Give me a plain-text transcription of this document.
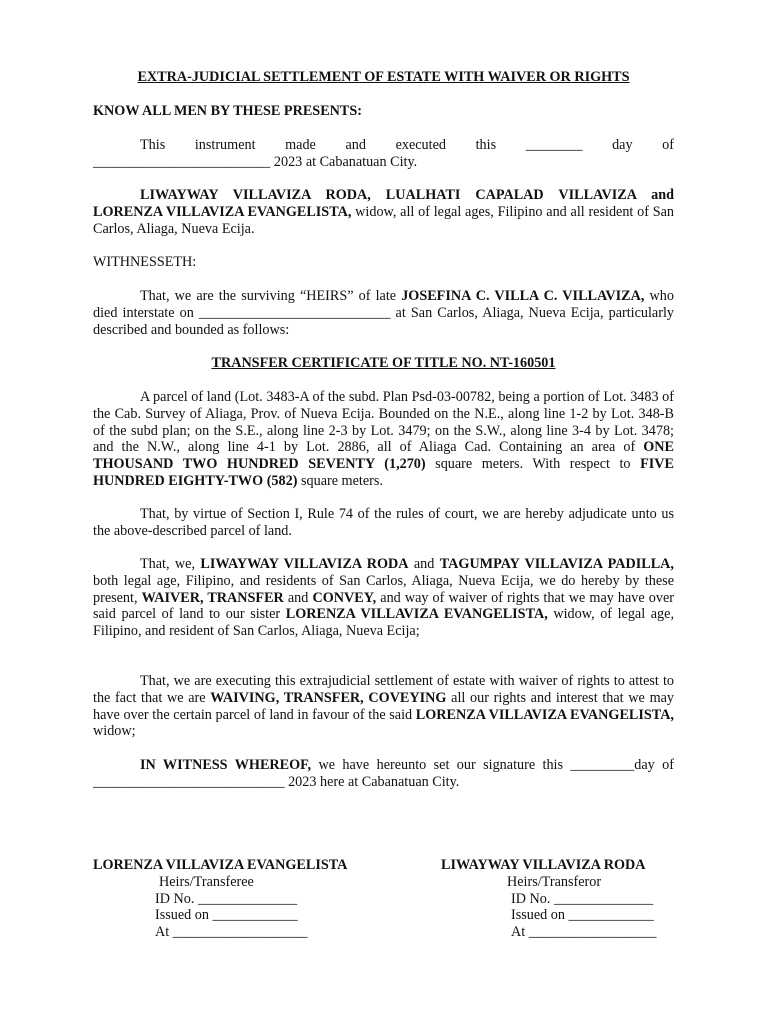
EXTRA-JUDICIAL SETTLEMENT OF ESTATE WITH WAIVER OR RIGHTS

KNOW ALL MEN BY THESE PRESENTS:

This instrument made and executed this ________ day of
_________________________ 2023 at Cabanatuan City.

LIWAYWAY VILLAVIZA RODA, LUALHATI CAPALAD VILLAVIZA and LORENZA VILLAVIZA EVANGELISTA, widow, all of legal ages, Filipino and all resident of San Carlos, Aliaga, Nueva Ecija.

WITHNESSETH:

That, we are the surviving “HEIRS” of late JOSEFINA C. VILLA C. VILLAVIZA, who died interstate on ___________________________ at San Carlos, Aliaga, Nueva Ecija, particularly described and bounded as follows:

TRANSFER CERTIFICATE OF TITLE NO. NT-160501

A parcel of land (Lot. 3483-A of the subd. Plan Psd-03-00782, being a portion of Lot. 3483 of the Cab. Survey of Aliaga, Prov. of Nueva Ecija. Bounded on the N.E., along line 1-2 by Lot. 348-B of the subd plan; on the S.E., along line 2-3 by Lot. 3479; on the S.W., along line 3-4 by Lot. 3478; and the N.W., along line 4-1 by Lot. 2886, all of Aliaga Cad. Containing an area of ONE THOUSAND TWO HUNDRED SEVENTY (1,270) square meters. With respect to FIVE HUNDRED EIGHTY-TWO (582) square meters.

That, by virtue of Section I, Rule 74 of the rules of court, we are hereby adjudicate unto us the above-described parcel of land.

That, we, LIWAYWAY VILLAVIZA RODA and TAGUMPAY VILLAVIZA PADILLA, both legal age, Filipino, and residents of San Carlos, Aliaga, Nueva Ecija, we do hereby by these present, WAIVER, TRANSFER and CONVEY, and way of waiver of rights that we may have over said parcel of land to our sister LORENZA VILLAVIZA EVANGELISTA, widow, of legal age, Filipino, and resident of San Carlos, Aliaga, Nueva Ecija;

That, we are executing this extrajudicial settlement of estate with waiver of rights to attest to the fact that we are WAIVING, TRANSFER, COVEYING all our rights and interest that we may have over the certain parcel of land in favour of the said LORENZA VILLAVIZA EVANGELISTA, widow;

IN WITNESS WHEREOF, we have hereunto set our signature this _________day of ___________________________ 2023 here at Cabanatuan City.

LORENZA VILLAVIZA EVANGELISTA
Heirs/Transferee
ID No. ______________
Issued on ____________
At ___________________
LIWAYWAY VILLAVIZA RODA
Heirs/Transferor
ID No. ______________
Issued on ____________
At __________________
